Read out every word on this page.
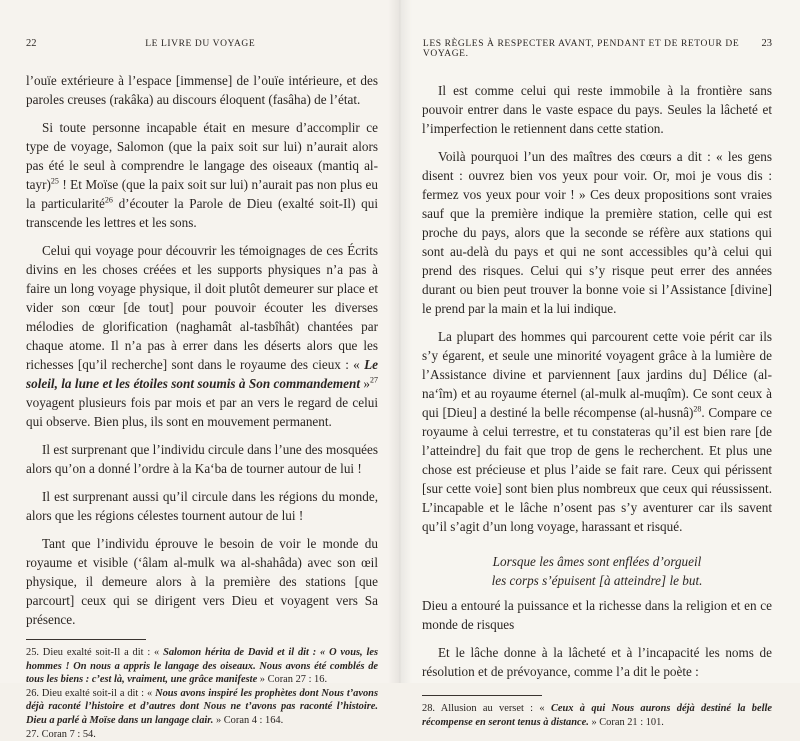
22	LE LIVRE DU VOYAGE

l’ouïe extérieure à l’espace [immense] de l’ouïe intérieure, et des paroles creuses (rakâka) au discours éloquent (fasâha) de l’état.

Si toute personne incapable était en mesure d’accomplir ce type de voyage, Salomon (que la paix soit sur lui) n’aurait alors pas été le seul à comprendre le langage des oiseaux (mantiq al-tayr)$^{25}$ ! Et Moïse (que la paix soit sur lui) n’aurait pas non plus eu la particularité$^{26}$ d’écouter la Parole de Dieu (exalté soit-Il) qui transcende les lettres et les sons.

Celui qui voyage pour découvrir les témoignages de ces Écrits divins en les choses créées et les supports physiques n’a pas à faire un long voyage physique, il doit plutôt demeurer sur place et vider son cœur [de tout] pour pouvoir écouter les diverses mélodies de glorification (naghamât al-tasbîhât) chantées par chaque atome. Il n’a pas à errer dans les déserts alors que les richesses [qu’il recherche] sont dans le royaume des cieux : « Le soleil, la lune et les étoiles sont soumis à Son commandement »$^{27}$ voyagent plusieurs fois par mois et par an vers le regard de celui qui observe. Bien plus, ils sont en mouvement permanent.

Il est surprenant que l’individu circule dans l’une des mosquées alors qu’on a donné l’ordre à la Ka‘ba de tourner autour de lui !

Il est surprenant aussi qu’il circule dans les régions du monde, alors que les régions célestes tournent autour de lui !

Tant que l’individu éprouve le besoin de voir le monde du royaume et visible (‘âlam al-mulk wa al-shahâda) avec son œil physique, il demeure alors à la première des stations [que parcourt] ceux qui se dirigent vers Dieu et voyagent vers Sa présence.

25. Dieu exalté soit-Il a dit : « Salomon hérita de David et il dit : « O vous, les hommes ! On nous a appris le langage des oiseaux. Nous avons été comblés de tous les biens : c’est là, vraiment, une grâce manifeste » Coran 27 : 16.

26. Dieu exalté soit-il a dit : « Nous avons inspiré les prophètes dont Nous t’avons déjà raconté l’histoire et d’autres dont Nous ne t’avons pas raconté l’histoire. Dieu a parlé à Moïse dans un langage clair. » Coran 4 : 164.

27. Coran 7 : 54.

LES RÈGLES À RESPECTER AVANT, PENDANT ET DE RETOUR DE VOYAGE.
23

Il est comme celui qui reste immobile à la frontière sans pouvoir entrer dans le vaste espace du pays. Seules la lâcheté et l’imperfection le retiennent dans cette station.

Voilà pourquoi l’un des maîtres des cœurs a dit : « les gens disent : ouvrez bien vos yeux pour voir. Or, moi je vous dis : fermez vos yeux pour voir ! » Ces deux propositions sont vraies sauf que la première indique la première station, celle qui est proche du pays, alors que la seconde se réfère aux stations qui sont au-delà du pays et qui ne sont accessibles qu’à celui qui prend des risques. Celui qui s’y risque peut errer des années durant ou bien peut trouver la bonne voie si l’Assistance [divine] le prend par la main et la lui indique.

La plupart des hommes qui parcourent cette voie périt car ils s’y égarent, et seule une minorité voyagent grâce à la lumière de l’Assistance divine et parviennent [aux jardins du] Délice (al-na‘îm) et au royaume éternel (al-mulk al-muqîm). Ce sont ceux à qui [Dieu] a destiné la belle récompense (al-husnâ)$^{28}$. Compare ce royaume à celui terrestre, et tu constateras qu’il est bien rare [de l’atteindre] du fait que trop de gens le recherchent. Et plus une chose est précieuse et plus l’aide se fait rare. Ceux qui périssent [sur cette voie] sont bien plus nombreux que ceux qui réussissent. L’incapable et le lâche n’osent pas s’y aventurer car ils savent qu’il s’agit d’un long voyage, harassant et risqué.

Lorsque les âmes sont enflées d’orgueil

les corps s’épuisent [à atteindre] le but.

Dieu a entouré la puissance et la richesse dans la religion et en ce monde de risques

Et le lâche donne à la lâcheté et à l’incapacité les noms de résolution et de prévoyance, comme l’a dit le poète :

28. Allusion au verset : « Ceux à qui Nous aurons déjà destiné la belle récompense en seront tenus à distance. » Coran 21 : 101.
